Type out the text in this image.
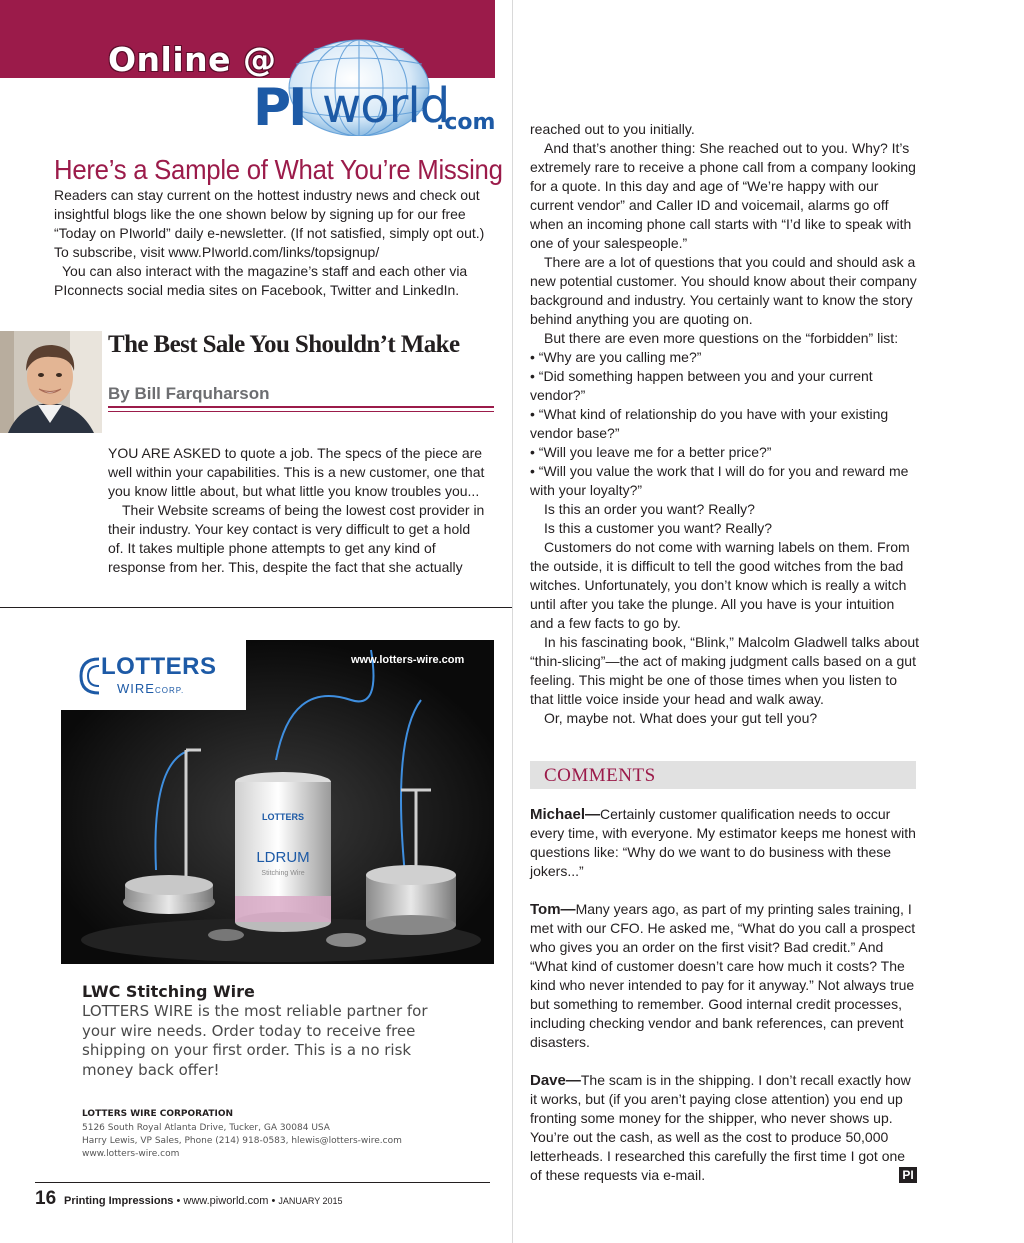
Online @
PI world
.com
Here’s a Sample of What You’re Missing

Readers can stay current on the hottest industry news and check out insightful blogs like the one shown below by signing up for our free “Today on PIworld” daily e-newsletter. (If not satisfied, simply opt out.) To subscribe, visit www.PIworld.com/links/topsignup/

You can also interact with the magazine’s staff and each other via PIconnects social media sites on Facebook, Twitter and LinkedIn.

The Best Sale You Shouldn’t Make
By Bill Farquharson

YOU ARE ASKED to quote a job. The specs of the piece are well within your capabilities. This is a new customer, one that you know little about, but what little you know troubles you...

Their Website screams of being the lowest cost provider in their industry. Your key contact is very difficult to get a hold of. It takes multiple phone attempts to get any kind of response from her. This, despite the fact that she actually

reached out to you initially.

And that’s another thing: She reached out to you. Why? It’s extremely rare to receive a phone call from a company looking for a quote. In this day and age of “We’re happy with our current vendor” and Caller ID and voicemail, alarms go off when an incoming phone call starts with “I’d like to speak with one of your salespeople.”

There are a lot of questions that you could and should ask a new potential customer. You should know about their company background and industry. You certainly want to know the story behind anything you are quoting on.

But there are even more questions on the “forbidden” list:

• “Why are you calling me?”

• “Did something happen between you and your current vendor?”

• “What kind of relationship do you have with your existing vendor base?”

• “Will you leave me for a better price?”

• “Will you value the work that I will do for you and reward me with your loyalty?”

Is this an order you want? Really?

Is this a customer you want? Really?

Customers do not come with warning labels on them. From the outside, it is difficult to tell the good witches from the bad witches. Unfortunately, you don’t know which is really a witch until after you take the plunge. All you have is your intuition and a few facts to go by.

In his fascinating book, “Blink,” Malcolm Gladwell talks about “thin-slicing”—the act of making judgment calls based on a gut feeling. This might be one of those times when you listen to that little voice inside your head and walk away.

Or, maybe not. What does your gut tell you?

COMMENTS

Michael—Certainly customer qualification needs to occur every time, with everyone. My estimator keeps me honest with questions like: “Why do we want to do business with these jokers...”

Tom—Many years ago, as part of my printing sales training, I met with our CFO. He asked me, “What do you call a prospect who gives you an order on the first visit? Bad credit.” And “What kind of customer doesn’t care how much it costs? The kind who never intended to pay for it anyway.” Not always true but something to remember. Good internal credit processes, including checking vendor and bank references, can prevent disasters.

Dave—The scam is in the shipping. I don’t recall exactly how it works, but (if you aren’t paying close attention) you end up fronting some money for the shipper, who never shows up. You’re out the cash, as well as the cost to produce 50,000 letterheads. I researched this carefully the first time I got one of these requests via e-mail.	PI
LOTTERS
LDRUM
Stitching Wire
LOTTERS
WIRECORP.
www.lotters-wire.com
LWC Stitching Wire
LOTTERS WIRE is the most reliable partner for your wire needs. Order today to receive free shipping on your first order. This is a no risk money back offer!
LOTTERS WIRE CORPORATION
5126 South Royal Atlanta Drive, Tucker, GA 30084 USA
Harry Lewis, VP Sales, Phone (214) 918-0583, hlewis@lotters-wire.com
www.lotters-wire.com
16 Printing Impressions • www.piworld.com • JANUARY 2015
